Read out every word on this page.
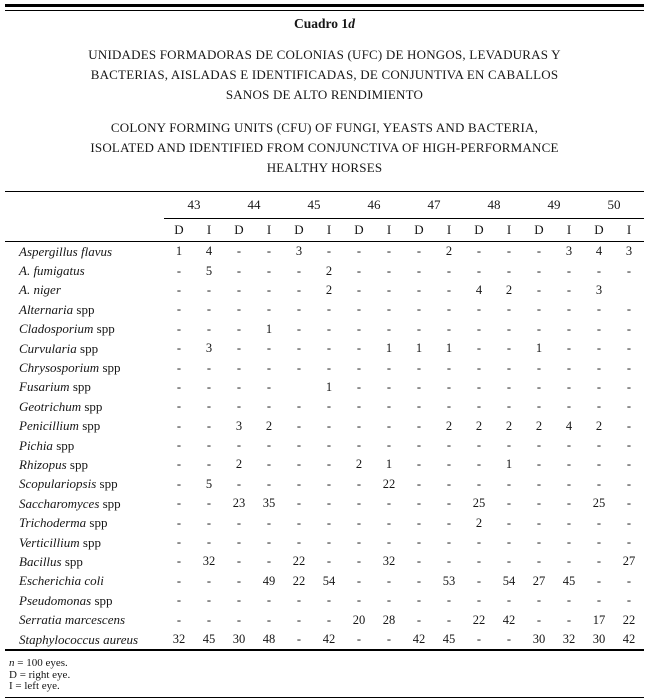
Cuadro 1d
UNIDADES FORMADORAS DE COLONIAS (UFC) DE HONGOS, LEVADURAS Y
BACTERIAS, AISLADAS E IDENTIFICADAS, DE CONJUNTIVA EN CABALLOS
SANOS DE ALTO RENDIMIENTO
COLONY FORMING UNITS (CFU) OF FUNGI, YEASTS AND BACTERIA,
ISOLATED AND IDENTIFIED FROM CONJUNCTIVA OF HIGH-PERFORMANCE
HEALTHY HORSES
	43		44		45		46		47		48		49		50	
	D	I	D	I	D	I	D	I	D	I	D	I	D	I	D	I
Aspergillus flavus	1	4	-	-	3	-	-	-	-	2	-	-	-	3	4	3
A. fumigatus	-	5	-	-	-	2	-	-	-	-	-	-	-	-	-	-
A. niger	-	-	-	-	-	2	-	-	-	-	4	2	-	-	3	
Alternaria spp	-	-	-	-	-	-	-	-	-	-	-	-	-	-	-	-
Cladosporium spp	-	-	-	1	-	-	-	-	-	-	-	-	-	-	-	-
Curvularia spp	-	3	-	-	-	-	-	1	1	1	-	-	1	-	-	-
Chrysosporium spp	-	-	-	-	-	-	-	-	-	-	-	-	-	-	-	-
Fusarium spp	-	-	-	-		1	-	-	-	-	-	-	-	-	-	-
Geotrichum spp	-	-	-	-	-	-	-	-	-	-	-	-	-	-	-	-
Penicillium spp	-	-	3	2	-	-	-	-	-	2	2	2	2	4	2	-
Pichia spp	-	-	-	-	-	-	-	-	-	-	-	-	-	-	-	-
Rhizopus spp	-	-	2	-	-	-	2	1	-	-	-	1	-	-	-	-
Scopulariopsis spp	-	5	-	-	-	-	-	22	-	-	-	-	-	-	-	-
Saccharomyces spp	-	-	23	35	-	-	-	-	-	-	25	-	-	-	25	-
Trichoderma spp	-	-	-	-	-	-	-	-	-	-	2	-	-	-	-	-
Verticillium spp	-	-	-	-	-	-	-	-	-	-	-	-	-	-	-	-
Bacillus spp	-	32	-	-	22	-	-	32	-	-	-	-	-	-	-	27
Escherichia coli	-	-	-	49	22	54	-	-	-	53	-	54	27	45	-	-
Pseudomonas spp	-	-	-	-	-	-	-	-	-	-	-	-	-	-	-	-
Serratia marcescens	-	-	-	-	-	-	20	28	-	-	22	42	-	-	17	22
Staphylococcus aureus	32	45	30	48	-	42	-	-	42	45	-	-	30	32	30	42
n = 100 eyes.
D = right eye.
I = left eye.
